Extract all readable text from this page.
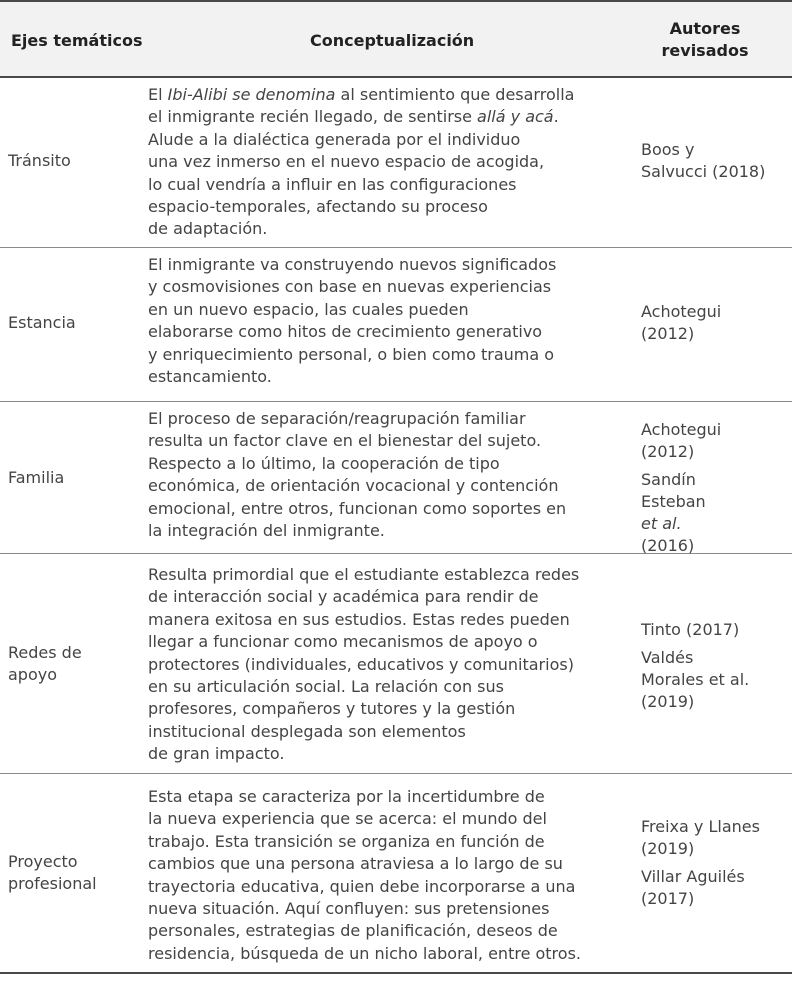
Ejes temáticos	Conceptualización
Autores
revisados
Tránsito
El Ibi-Alibi se denomina al sentimiento que desarrolla
el inmigrante recién llegado, de sentirse allá y acá.
Alude a la dialéctica generada por el individuo
una vez inmerso en el nuevo espacio de acogida,
lo cual vendría a influir en las configuraciones
espacio-temporales, afectando su proceso
de adaptación.
Boos y
Salvucci (2018)
Estancia
El inmigrante va construyendo nuevos significados
y cosmovisiones con base en nuevas experiencias
en un nuevo espacio, las cuales pueden
elaborarse como hitos de crecimiento generativo
y enriquecimiento personal, o bien como trauma o
estancamiento.
Achotegui
(2012)
Familia
El proceso de separación/reagrupación familiar
resulta un factor clave en el bienestar del sujeto.
Respecto a lo último, la cooperación de tipo
económica, de orientación vocacional y contención
emocional, entre otros, funcionan como soportes en
la integración del inmigrante.
Achotegui
(2012)
Sandín
Esteban
et al.
(2016)
Redes de
apoyo
Resulta primordial que el estudiante establezca redes
de interacción social y académica para rendir de
manera exitosa en sus estudios. Estas redes pueden
llegar a funcionar como mecanismos de apoyo o
protectores (individuales, educativos y comunitarios)
en su articulación social. La relación con sus
profesores, compañeros y tutores y la gestión
institucional desplegada son elementos
de gran impacto.
Tinto (2017)
Valdés
Morales et al.
(2019)
Proyecto
profesional
Esta etapa se caracteriza por la incertidumbre de
la nueva experiencia que se acerca: el mundo del
trabajo. Esta transición se organiza en función de
cambios que una persona atraviesa a lo largo de su
trayectoria educativa, quien debe incorporarse a una
nueva situación. Aquí confluyen: sus pretensiones
personales, estrategias de planificación, deseos de
residencia, búsqueda de un nicho laboral, entre otros.
Freixa y Llanes
(2019)
Villar Aguilés
(2017)
